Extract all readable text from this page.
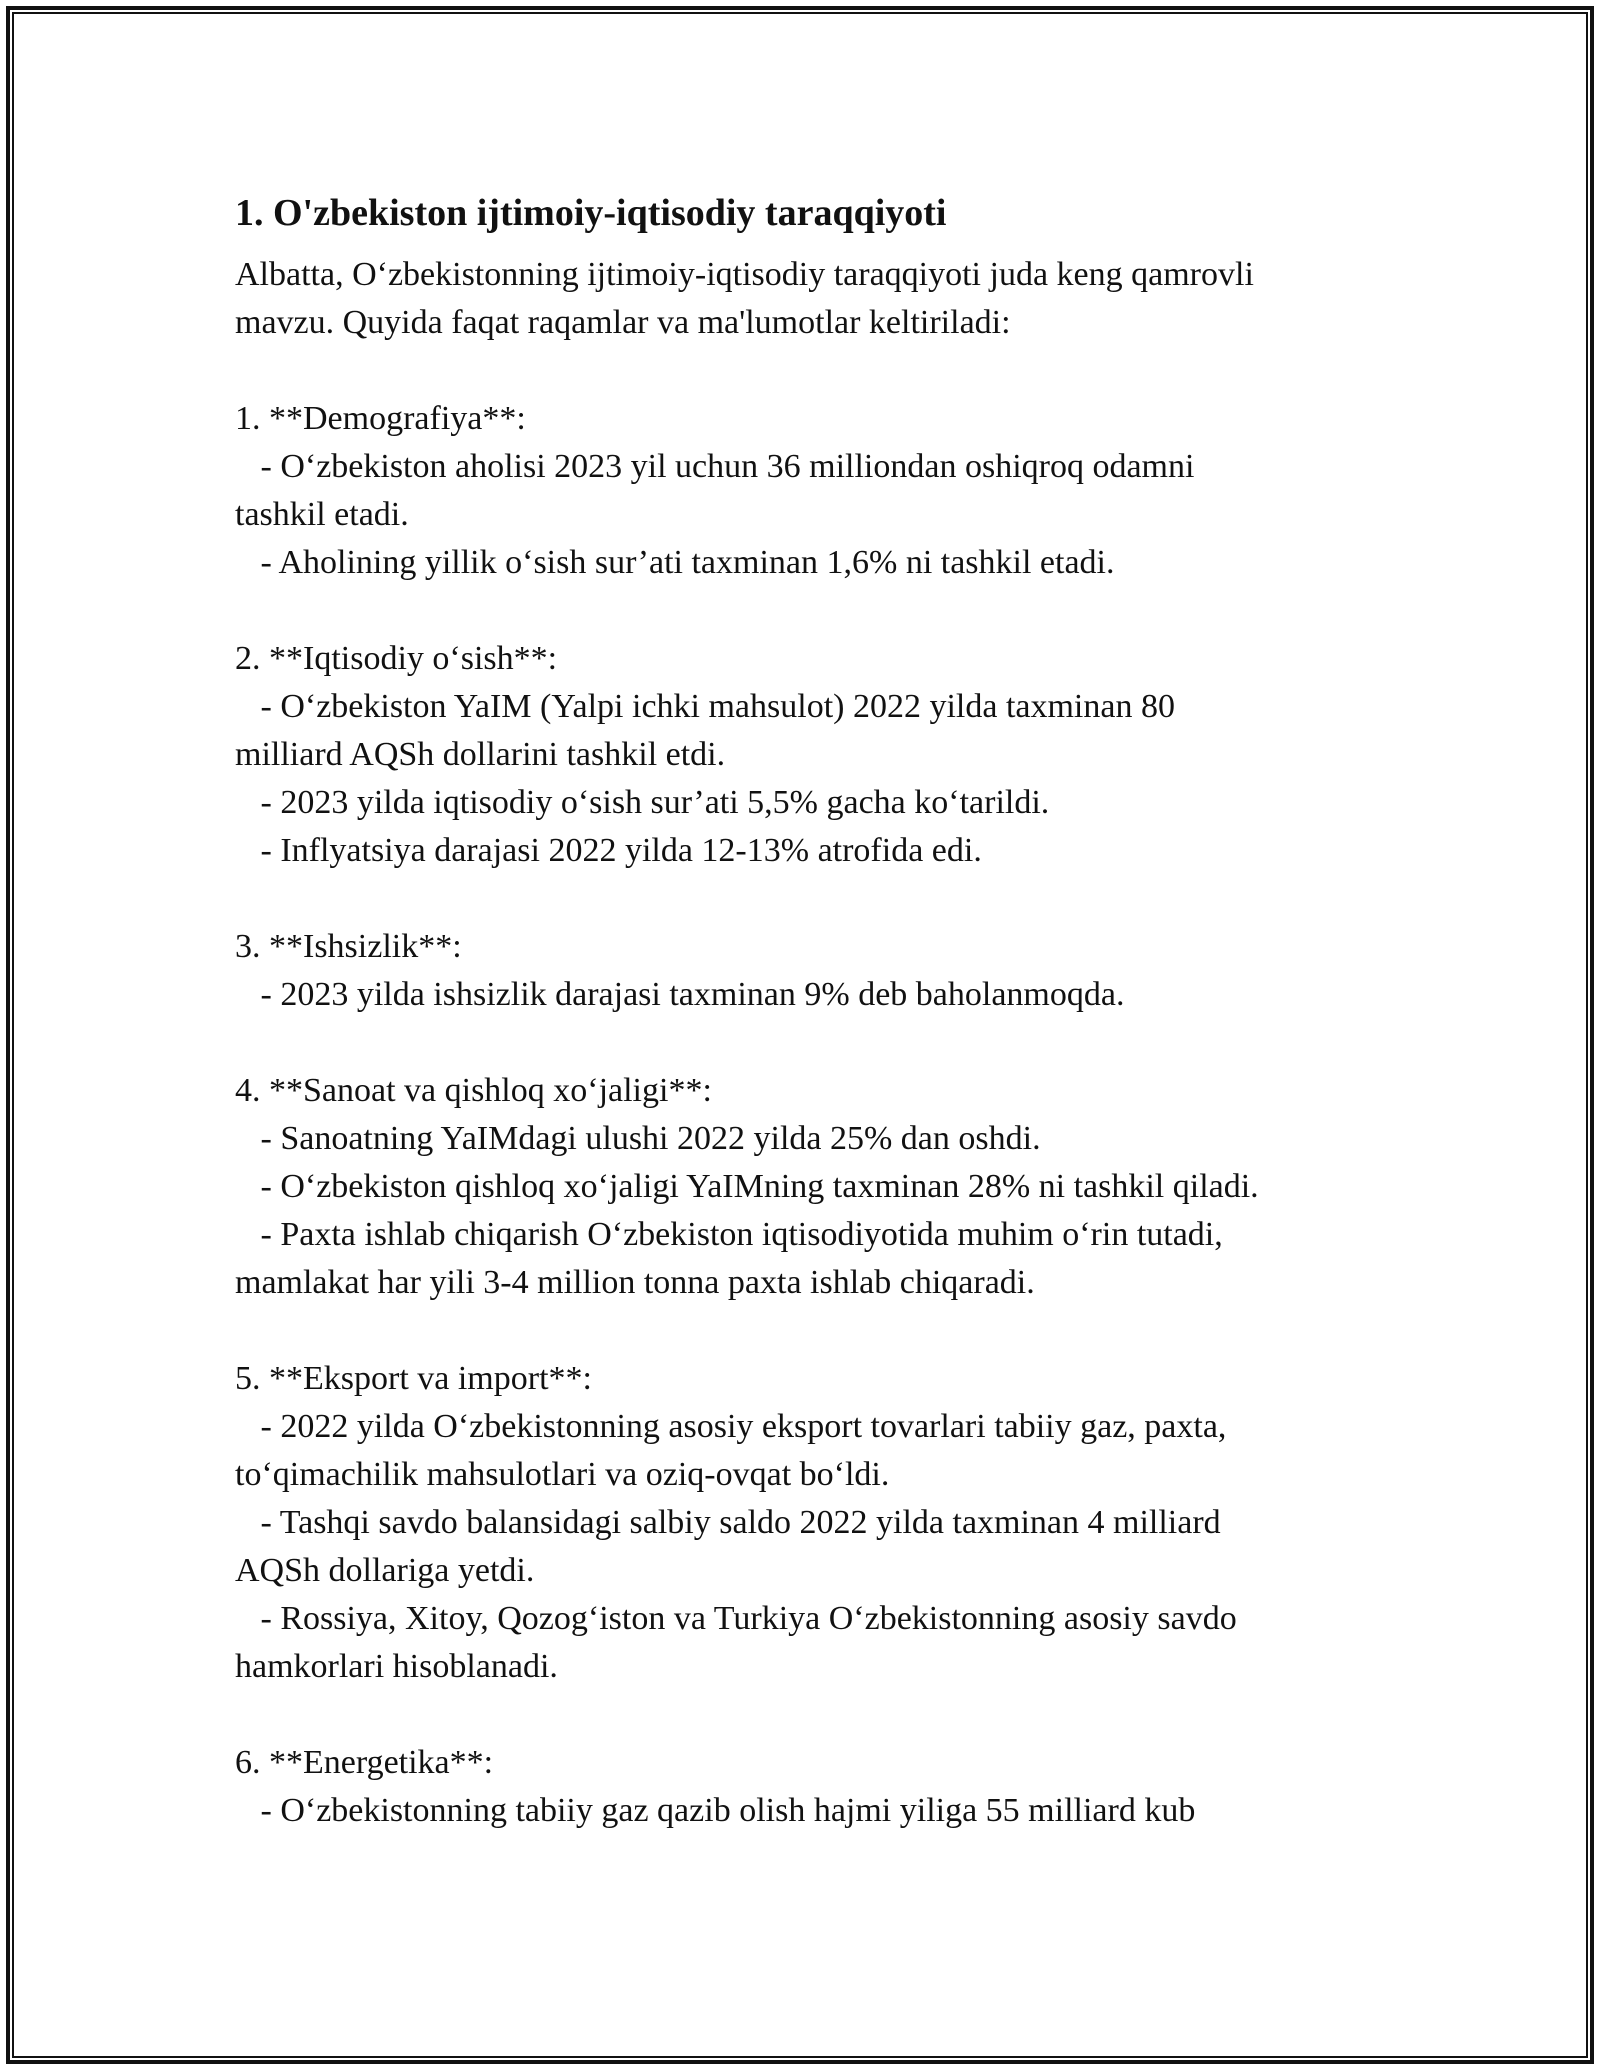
1. O'zbekiston ijtimoiy-iqtisodiy taraqqiyoti
Albatta, O‘zbekistonning ijtimoiy-iqtisodiy taraqqiyoti juda keng qamrovli
mavzu. Quyida faqat raqamlar va ma'lumotlar keltiriladi:
1. **Demografiya**:
- O‘zbekiston aholisi 2023 yil uchun 36 milliondan oshiqroq odamni
tashkil etadi.
- Aholining yillik o‘sish sur’ati taxminan 1,6% ni tashkil etadi.
2. **Iqtisodiy o‘sish**:
- O‘zbekiston YaIM (Yalpi ichki mahsulot) 2022 yilda taxminan 80
milliard AQSh dollarini tashkil etdi.
- 2023 yilda iqtisodiy o‘sish sur’ati 5,5% gacha ko‘tarildi.
- Inflyatsiya darajasi 2022 yilda 12-13% atrofida edi.
3. **Ishsizlik**:
- 2023 yilda ishsizlik darajasi taxminan 9% deb baholanmoqda.
4. **Sanoat va qishloq xo‘jaligi**:
- Sanoatning YaIMdagi ulushi 2022 yilda 25% dan oshdi.
- O‘zbekiston qishloq xo‘jaligi YaIMning taxminan 28% ni tashkil qiladi.
- Paxta ishlab chiqarish O‘zbekiston iqtisodiyotida muhim o‘rin tutadi,
mamlakat har yili 3-4 million tonna paxta ishlab chiqaradi.
5. **Eksport va import**:
- 2022 yilda O‘zbekistonning asosiy eksport tovarlari tabiiy gaz, paxta,
to‘qimachilik mahsulotlari va oziq-ovqat bo‘ldi.
- Tashqi savdo balansidagi salbiy saldo 2022 yilda taxminan 4 milliard
AQSh dollariga yetdi.
- Rossiya, Xitoy, Qozog‘iston va Turkiya O‘zbekistonning asosiy savdo
hamkorlari hisoblanadi.
6. **Energetika**:
- O‘zbekistonning tabiiy gaz qazib olish hajmi yiliga 55 milliard kub
